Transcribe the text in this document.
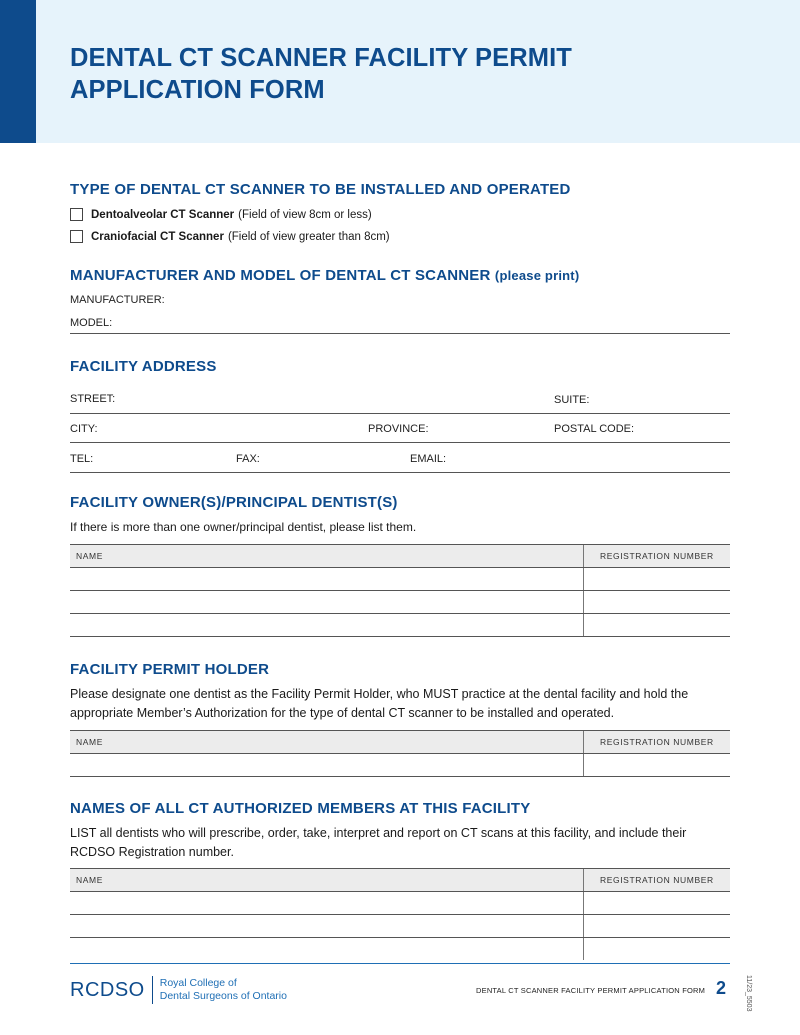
DENTAL CT SCANNER FACILITY PERMIT
APPLICATION FORM
TYPE OF DENTAL CT SCANNER TO BE INSTALLED AND OPERATED
Dentoalveolar CT Scanner (Field of view 8cm or less)
Craniofacial CT Scanner (Field of view greater than 8cm)
MANUFACTURER AND MODEL OF DENTAL CT SCANNER (please print)
MANUFACTURER:
MODEL:
FACILITY ADDRESS
STREET:	SUITE:
CITY:	PROVINCE:	POSTAL CODE:
TEL:	FAX:	EMAIL:
FACILITY OWNER(S)/PRINCIPAL DENTIST(S)
If there is more than one owner/principal dentist, please list them.
NAME	REGISTRATION NUMBER

FACILITY PERMIT HOLDER
Please designate one dentist as the Facility Permit Holder, who MUST practice at the dental facility and hold the appropriate Member’s Authorization for the type of dental CT scanner to be installed and operated.
NAME	REGISTRATION NUMBER

NAMES OF ALL CT AUTHORIZED MEMBERS AT THIS FACILITY
LIST all dentists who will prescribe, order, take, interpret and report on CT scans at this facility, and include their RCDSO Registration number.
NAME	REGISTRATION NUMBER

RCDSO Royal College of
Dental Surgeons of Ontario	DENTAL CT SCANNER FACILITY PERMIT APPLICATION FORM 2	11/23_5503
